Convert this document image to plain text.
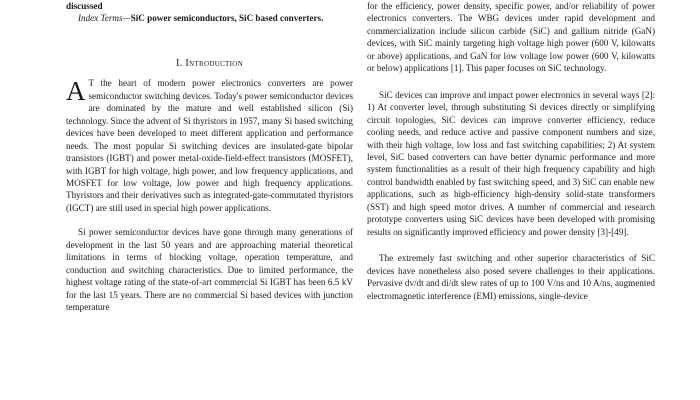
discussed

Index Terms—SiC power semiconductors, SiC based converters.

I. Introduction

A T the heart of modern power electronics converters are power semiconductor switching devices. Today's power semiconductor devices are dominated by the mature and well established silicon (Si) technology. Since the advent of Si thyristors in 1957, many Si based switching devices have been developed to meet different application and performance needs. The most popular Si switching devices are insulated-gate bipolar transistors (IGBT) and power metal-oxide-field-effect transistors (MOSFET), with IGBT for high voltage, high power, and low frequency applications, and MOSFET for low voltage, low power and high frequency applications. Thyristors and their derivatives such as integrated-gate-commutated thyristors (IGCT) are still used in special high power applications.

Si power semiconductor devices have gone through many generations of development in the last 50 years and are approaching material theoretical limitations in terms of blocking voltage, operation temperature, and conduction and switching characteristics. Due to limited performance, the highest voltage rating of the state-of-art commercial Si IGBT has been 6.5 kV for the last 15 years. There are no commercial Si based devices with junction temperature

for the efficiency, power density, specific power, and/or reliability of power electronics converters. The WBG devices under rapid development and commercialization include silicon carbide (SiC) and gallium nitride (GaN) devices, with SiC mainly targeting high voltage high power (600 V, kilowatts or above) applications, and GaN for low voltage low power (600 V, kilowatts or below) applications [1]. This paper focuses on SiC technology.

SiC devices can improve and impact power electronics in several ways [2]: 1) At converter level, through substituting Si devices directly or simplifying circuit topologies, SiC devices can improve converter efficiency, reduce cooling needs, and reduce active and passive component numbers and size, with their high voltage, low loss and fast switching capabilities; 2) At system level, SiC based converters can have better dynamic performance and more system functionalities as a result of their high frequency capability and high control bandwidth enabled by fast switching speed, and 3) SiC can enable new applications, such as high-efficiency high-density solid-state transformers (SST) and high speed motor drives. A number of commercial and research prototype converters using SiC devices have been developed with promising results on significantly improved efficiency and power density [3]-[49].

The extremely fast switching and other superior characteristics of SiC devices have nonetheless also posed severe challenges to their applications. Pervasive dv/dt and di/dt slew rates of up to 100 V/ns and 10 A/ns, augmented electromagnetic interference (EMI) emissions, single-device
